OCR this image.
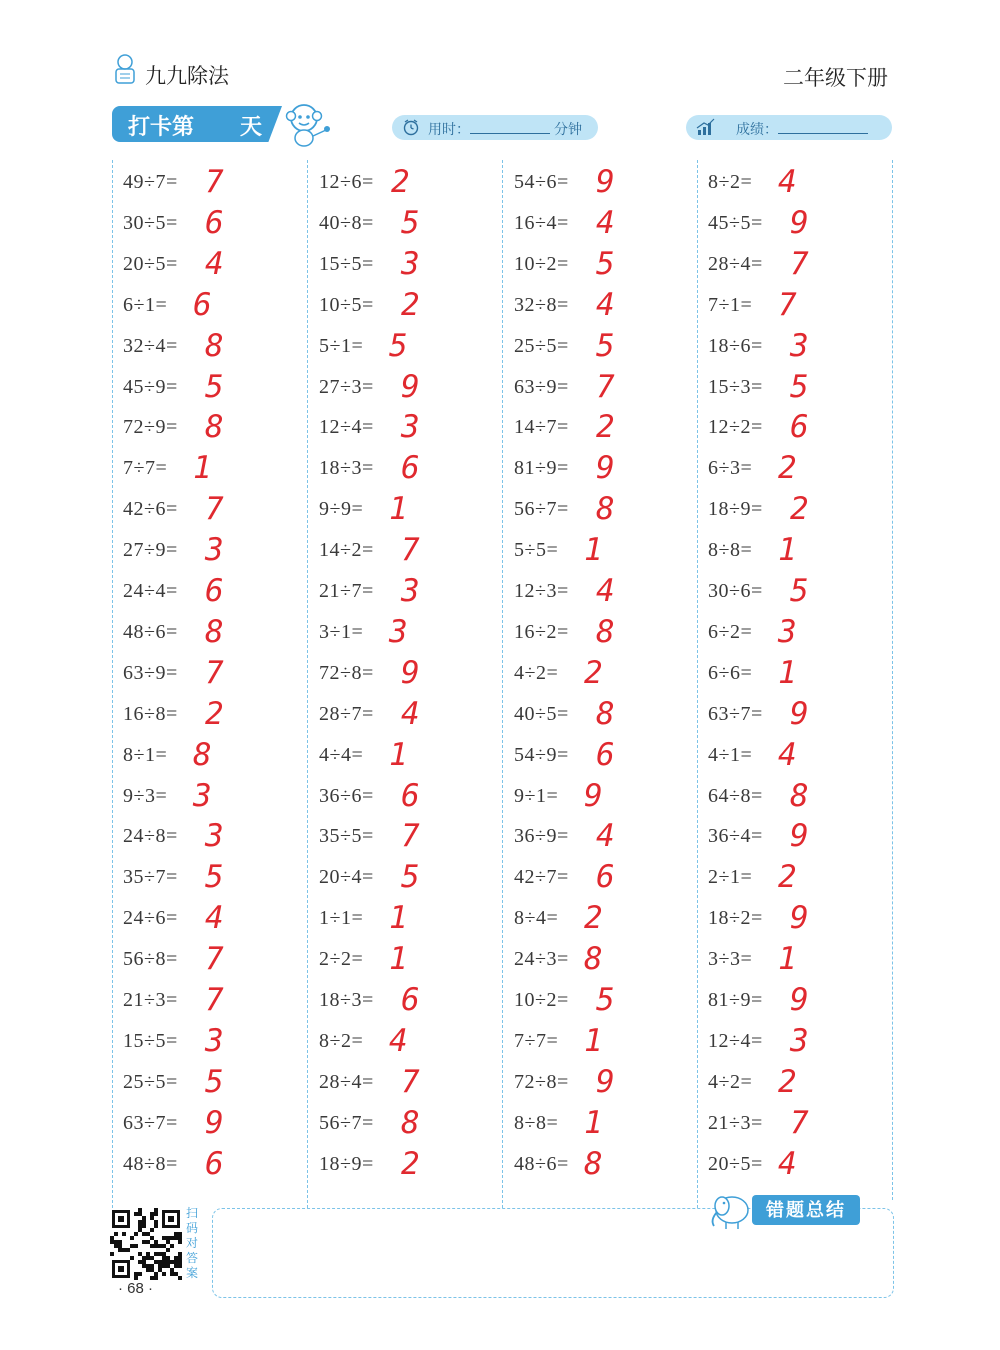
九九除法	二年级下册
打卡第 天	用时：	分钟	成绩：
49÷7= 7
30÷5= 6
20÷5= 4
6÷1= 6
32÷4= 8
45÷9= 5
72÷9= 8
7÷7= 1
42÷6= 7
27÷9= 3
24÷4= 6
48÷6= 8
63÷9= 7
16÷8= 2
8÷1= 8
9÷3= 3
24÷8= 3
35÷7= 5
24÷6= 4
56÷8= 7
21÷3= 7
15÷5= 3
25÷5= 5
63÷7= 9
48÷8= 6
12÷6= 2
40÷8= 5
15÷5= 3
10÷5= 2
5÷1= 5
27÷3= 9
12÷4= 3
18÷3= 6
9÷9= 1
14÷2= 7
21÷7= 3
3÷1= 3
72÷8= 9
28÷7= 4
4÷4= 1
36÷6= 6
35÷5= 7
20÷4= 5
1÷1= 1
2÷2= 1
18÷3= 6
8÷2= 4
28÷4= 7
56÷7= 8
18÷9= 2
54÷6= 9
16÷4= 4
10÷2= 5
32÷8= 4
25÷5= 5
63÷9= 7
14÷7= 2
81÷9= 9
56÷7= 8
5÷5= 1
12÷3= 4
16÷2= 8
4÷2= 2
40÷5= 8
54÷9= 6
9÷1= 9
36÷9= 4
42÷7= 6
8÷4= 2
24÷3= 8
10÷2= 5
7÷7= 1
72÷8= 9
8÷8= 1
48÷6= 8
8÷2= 4
45÷5= 9
28÷4= 7
7÷1= 7
18÷6= 3
15÷3= 5
12÷2= 6
6÷3= 2
18÷9= 2
8÷8= 1
30÷6= 5
6÷2= 3
6÷6= 1
63÷7= 9
4÷1= 4
64÷8= 8
36÷4= 9
2÷1= 2
18÷2= 9
3÷3= 1
81÷9= 9
12÷4= 3
4÷2= 2
21÷3= 7
20÷5= 4
错题总结
扫码对答案
· 68 ·
